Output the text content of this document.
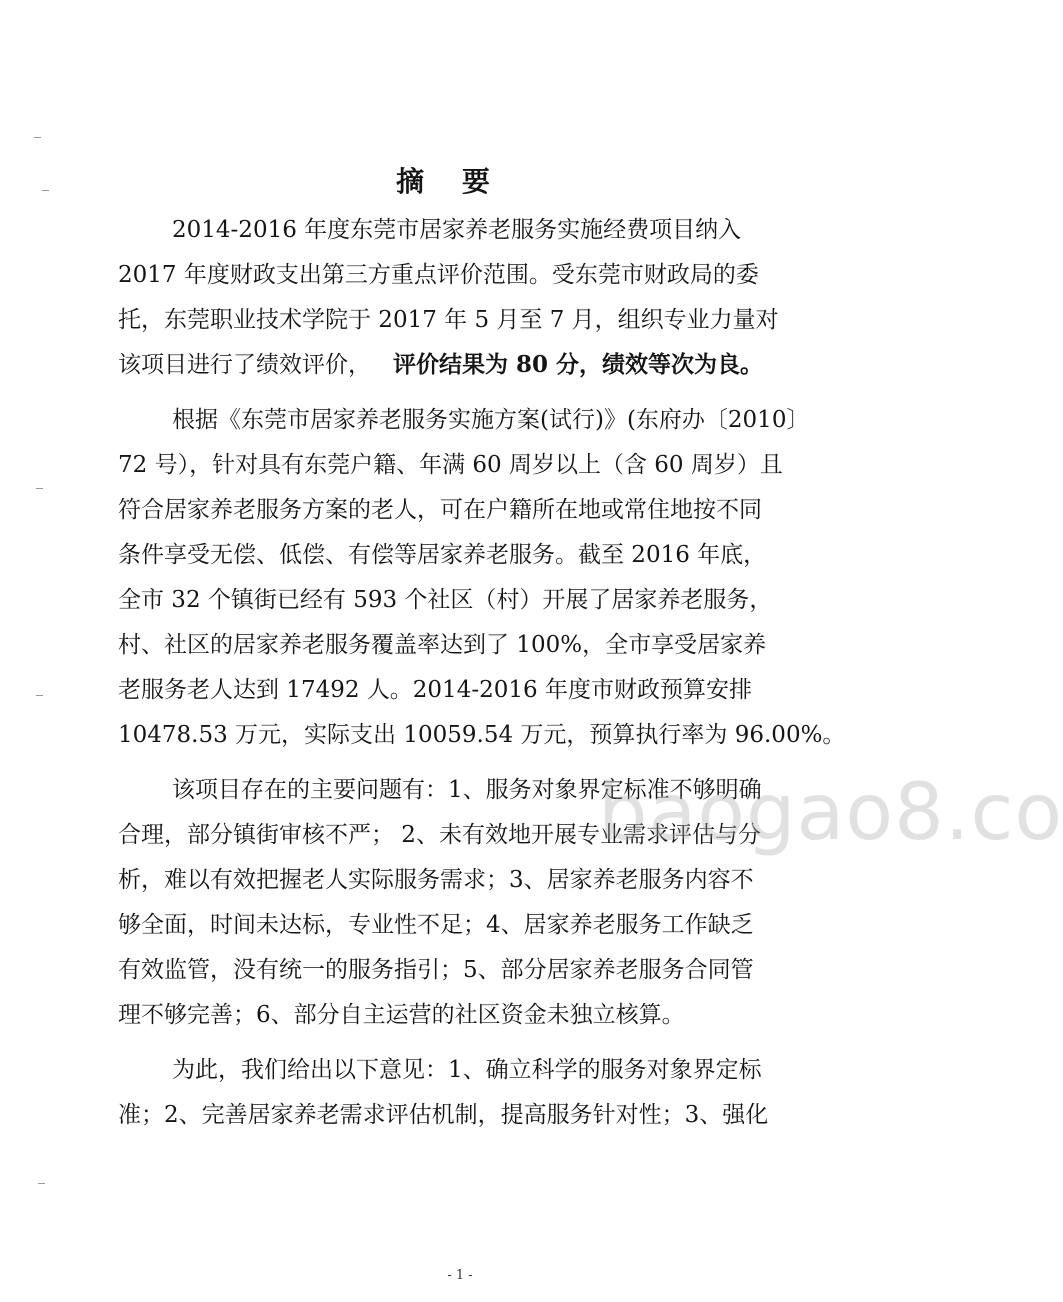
摘 要
2014-2016 年度东莞市居家养老服务实施经费项目纳入
2017 年度财政支出第三方重点评价范围。受东莞市财政局的委
托，东莞职业技术学院于 2017 年 5 月至 7 月，组织专业力量对
该项目进行了绩效评价， 评价结果为 80 分，绩效等次为良。
根据《东莞市居家养老服务实施方案(试行)》(东府办〔2010〕
72 号），针对具有东莞户籍、年满 60 周岁以上（含 60 周岁）且
符合居家养老服务方案的老人，可在户籍所在地或常住地按不同
条件享受无偿、低偿、有偿等居家养老服务。截至 2016 年底，
全市 32 个镇街已经有 593 个社区（村）开展了居家养老服务，
村、社区的居家养老服务覆盖率达到了 100%，全市享受居家养
老服务老人达到 17492 人。2014-2016 年度市财政预算安排
10478.53 万元，实际支出 10059.54 万元，预算执行率为 96.00%。
该项目存在的主要问题有：1、服务对象界定标准不够明确
合理，部分镇街审核不严； 2、未有效地开展专业需求评估与分
析，难以有效把握老人实际服务需求；3、居家养老服务内容不
够全面，时间未达标，专业性不足；4、居家养老服务工作缺乏
有效监管，没有统一的服务指引；5、部分居家养老服务合同管
理不够完善；6、部分自主运营的社区资金未独立核算。
为此，我们给出以下意见：1、确立科学的服务对象界定标
准；2、完善居家养老需求评估机制，提高服务针对性；3、强化
baogao8.co
- 1 -
